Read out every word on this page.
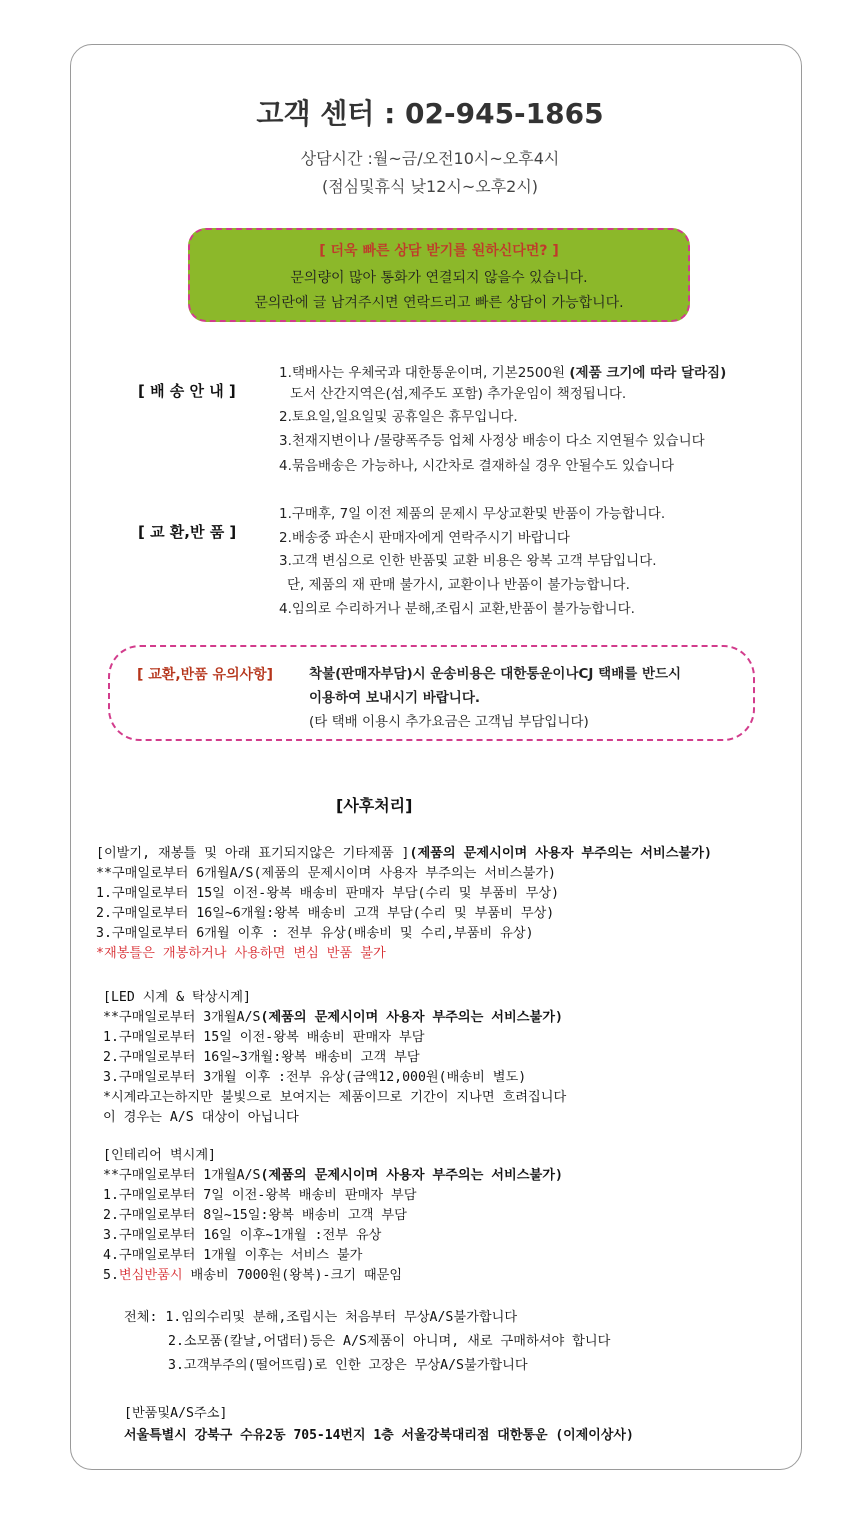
고객 센터 : 02-945-1865
상담시간 :월~금/오전10시~오후4시
(점심및휴식 낮12시~오후2시)
[ 더욱 빠른 상담 받기를 원하신다면? ]
문의량이 많아 통화가 연결되지 않을수 있습니다.
문의란에 글 남겨주시면 연락드리고 빠른 상담이 가능합니다.
[ 배 송 안 내 ]
1.택배사는 우체국과 대한통운이며, 기본2500원 (제품 크기에 따라 달라짐)
도서 산간지역은(섬,제주도 포함) 추가운임이 책정됩니다.
2.토요일,일요일및 공휴일은 휴무입니다.
3.천재지변이나 /물량폭주등 업체 사정상 배송이 다소 지연될수 있습니다
4.묶음배송은 가능하나, 시간차로 결재하실 경우 안될수도 있습니다
[ 교 환,반 품 ]
1.구매후, 7일 이전 제품의 문제시 무상교환및 반품이 가능합니다.
2.배송중 파손시 판매자에게 연락주시기 바랍니다
3.고객 변심으로 인한 반품및 교환 비용은 왕복 고객 부담입니다.
단, 제품의 재 판매 불가시, 교환이나 반품이 불가능합니다.
4.임의로 수리하거나 분해,조립시 교환,반품이 불가능합니다.
[ 교환,반품 유의사항]	착불(판매자부담)시 운송비용은 대한통운이나CJ 택배를 반드시
이용하여 보내시기 바랍니다.
(타 택배 이용시 추가요금은 고객님 부담입니다)
[사후처리]
[이발기, 재봉틀 및 아래 표기되지않은 기타제품 ](제품의 문제시이며 사용자 부주의는 서비스불가)
**구매일로부터 6개월A/S(제품의 문제시이며 사용자 부주의는 서비스불가)
1.구매일로부터 15일 이전-왕복 배송비 판매자 부담(수리 및 부품비 무상)
2.구매일로부터 16일~6개월:왕복 배송비 고객 부담(수리 및 부품비 무상)
3.구매일로부터 6개월 이후 : 전부 유상(배송비 및 수리,부품비 유상)
*재봉틀은 개봉하거나 사용하면 변심 반품 불가
[LED 시계 & 탁상시계]
**구매일로부터 3개월A/S(제품의 문제시이며 사용자 부주의는 서비스불가)
1.구매일로부터 15일 이전-왕복 배송비 판매자 부담
2.구매일로부터 16일~3개월:왕복 배송비 고객 부담
3.구매일로부터 3개월 이후 :전부 유상(금액12,000원(배송비 별도)
*시계라고는하지만 불빛으로 보여지는 제품이므로 기간이 지나면 흐려집니다
이 경우는 A/S 대상이 아닙니다
[인테리어 벽시계]
**구매일로부터 1개월A/S(제품의 문제시이며 사용자 부주의는 서비스불가)
1.구매일로부터 7일 이전-왕복 배송비 판매자 부담
2.구매일로부터 8일~15일:왕복 배송비 고객 부담
3.구매일로부터 16일 이후~1개월 :전부 유상
4.구매일로부터 1개월 이후는 서비스 불가
5.변심반품시 배송비 7000원(왕복)-크기 때문임
전체: 1.임의수리및 분해,조립시는 처음부터 무상A/S불가합니다
2.소모품(칼날,어댑터)등은 A/S제품이 아니며, 새로 구매하셔야 합니다
3.고객부주의(떨어뜨림)로 인한 고장은 무상A/S불가합니다
[반품및A/S주소]
서울특별시 강북구 수유2동 705-14번지 1층 서울강북대리점 대한통운 (이제이상사)
